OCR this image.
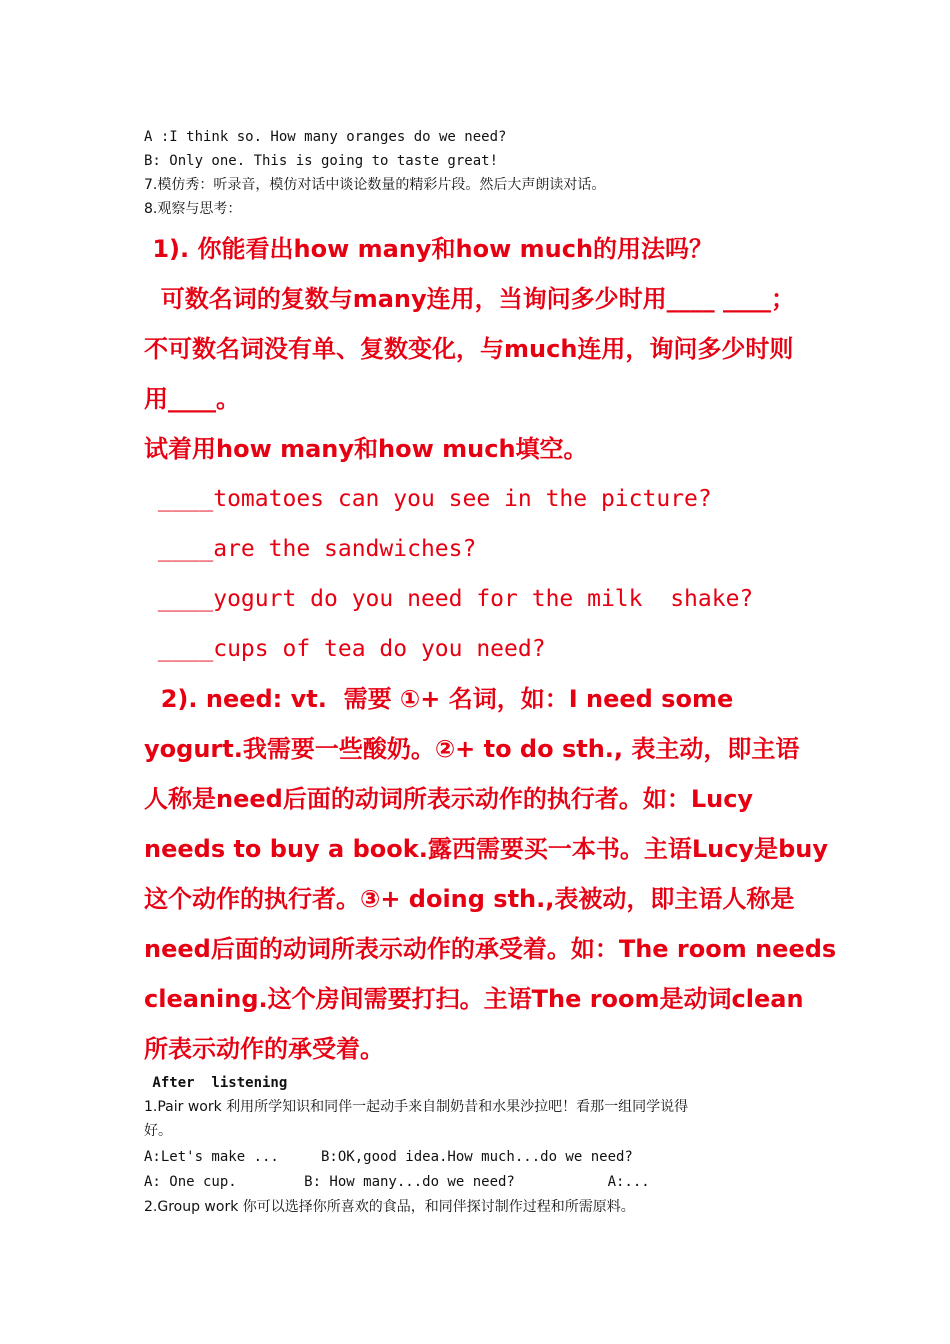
A :I think so. How many oranges do we need?
B: Only one. This is going to taste great!
7.模仿秀：听录音，模仿对话中谈论数量的精彩片段。然后大声朗读对话。
8.观察与思考：
1). 你能看出how many和how much的用法吗？
可数名词的复数与many连用，当询问多少时用____ ____；
不可数名词没有单、复数变化，与much连用，询问多少时则
用____。
试着用how many和how much填空。
____tomatoes can you see in the picture?
____are the sandwiches?
____yogurt do you need for the milk  shake?
____cups of tea do you need?
2). need: vt.  需要 ①+ 名词，如：I need some
yogurt.我需要一些酸奶。②+ to do sth., 表主动，即主语
人称是need后面的动词所表示动作的执行者。如：Lucy
needs to buy a book.露西需要买一本书。主语Lucy是buy
这个动作的执行者。③+ doing sth.,表被动，即主语人称是
need后面的动词所表示动作的承受着。如：The room needs
cleaning.这个房间需要打扫。主语The room是动词clean
所表示动作的承受着。
After  listening
1.Pair work 利用所学知识和同伴一起动手来自制奶昔和水果沙拉吧！看那一组同学说得
好。
A:Let's make ...     B:OK,good idea.How much...do we need?
A: One cup.        B: How many...do we need?           A:...
2.Group work 你可以选择你所喜欢的食品，和同伴探讨制作过程和所需原料。
